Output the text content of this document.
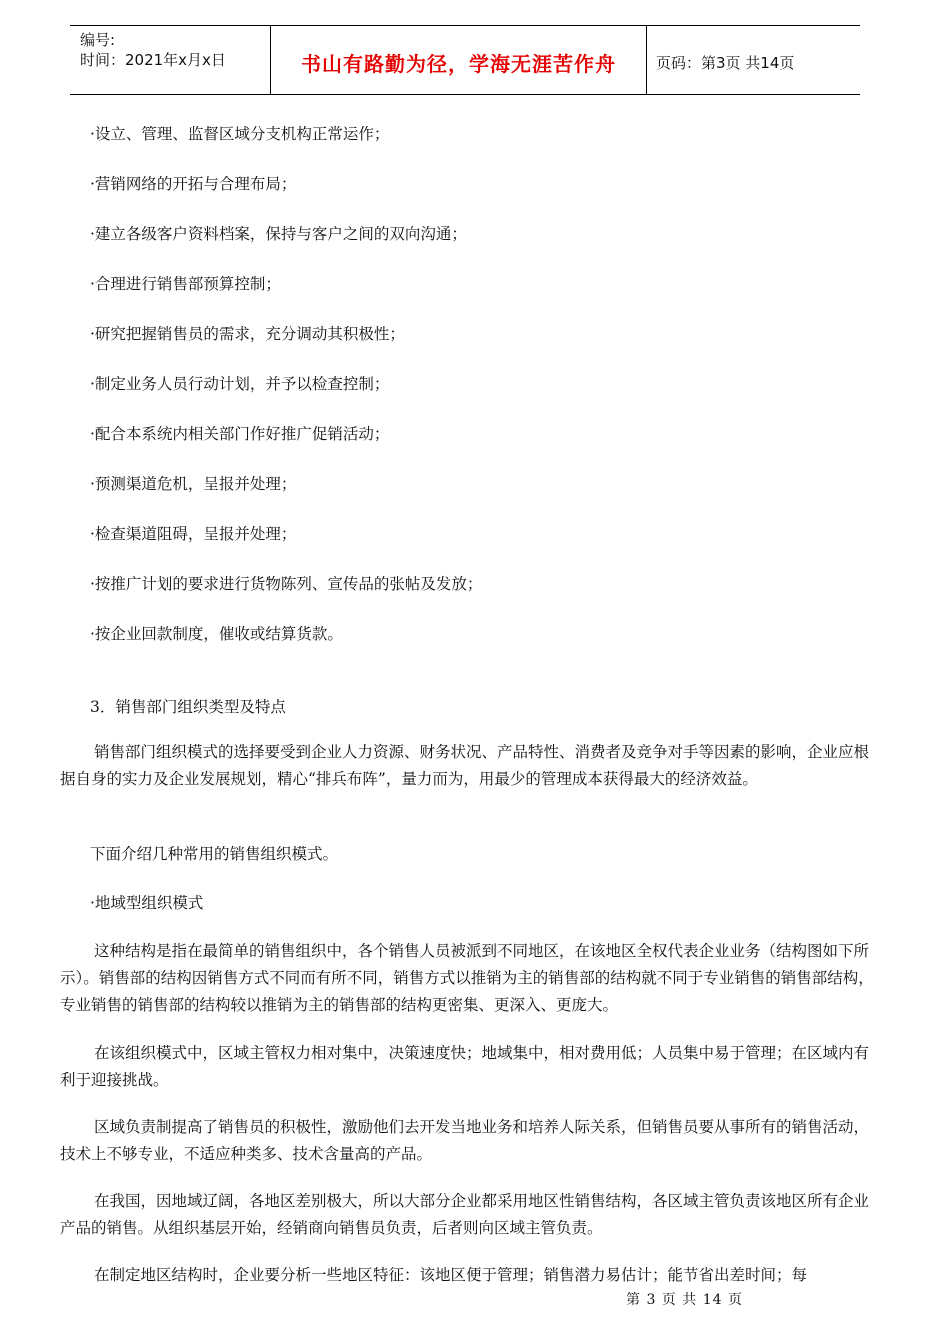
编号:
时间：2021年x月x日	书山有路勤为径，学海无涯苦作舟	页码：第3页 共14页
·设立、管理、监督区域分支机构正常运作；
·营销网络的开拓与合理布局；
·建立各级客户资料档案，保持与客户之间的双向沟通；
·合理进行销售部预算控制；
·研究把握销售员的需求，充分调动其积极性；
·制定业务人员行动计划，并予以检查控制；
·配合本系统内相关部门作好推广促销活动；
·预测渠道危机，呈报并处理；
·检查渠道阻碍，呈报并处理；
·按推广计划的要求进行货物陈列、宣传品的张帖及发放；
·按企业回款制度，催收或结算货款。
3．销售部门组织类型及特点
销售部门组织模式的选择要受到企业人力资源、财务状况、产品特性、消费者及竞争对手等因素的影响，企业应根据自身的实力及企业发展规划，精心“排兵布阵”，量力而为，用最少的管理成本获得最大的经济效益。
下面介绍几种常用的销售组织模式。
·地域型组织模式
这种结构是指在最简单的销售组织中，各个销售人员被派到不同地区，在该地区全权代表企业业务（结构图如下所示）。销售部的结构因销售方式不同而有所不同，销售方式以推销为主的销售部的结构就不同于专业销售的销售部结构，专业销售的销售部的结构较以推销为主的销售部的结构更密集、更深入、更庞大。
在该组织模式中，区域主管权力相对集中，决策速度快；地域集中，相对费用低；人员集中易于管理；在区域内有利于迎接挑战。
区域负责制提高了销售员的积极性，激励他们去开发当地业务和培养人际关系，但销售员要从事所有的销售活动，技术上不够专业，不适应种类多、技术含量高的产品。
在我国，因地域辽阔，各地区差别极大，所以大部分企业都采用地区性销售结构，各区域主管负责该地区所有企业产品的销售。从组织基层开始，经销商向销售员负责，后者则向区域主管负责。
在制定地区结构时，企业要分析一些地区特征：该地区便于管理；销售潜力易估计；能节省出差时间；每
第 3 页 共 14 页
